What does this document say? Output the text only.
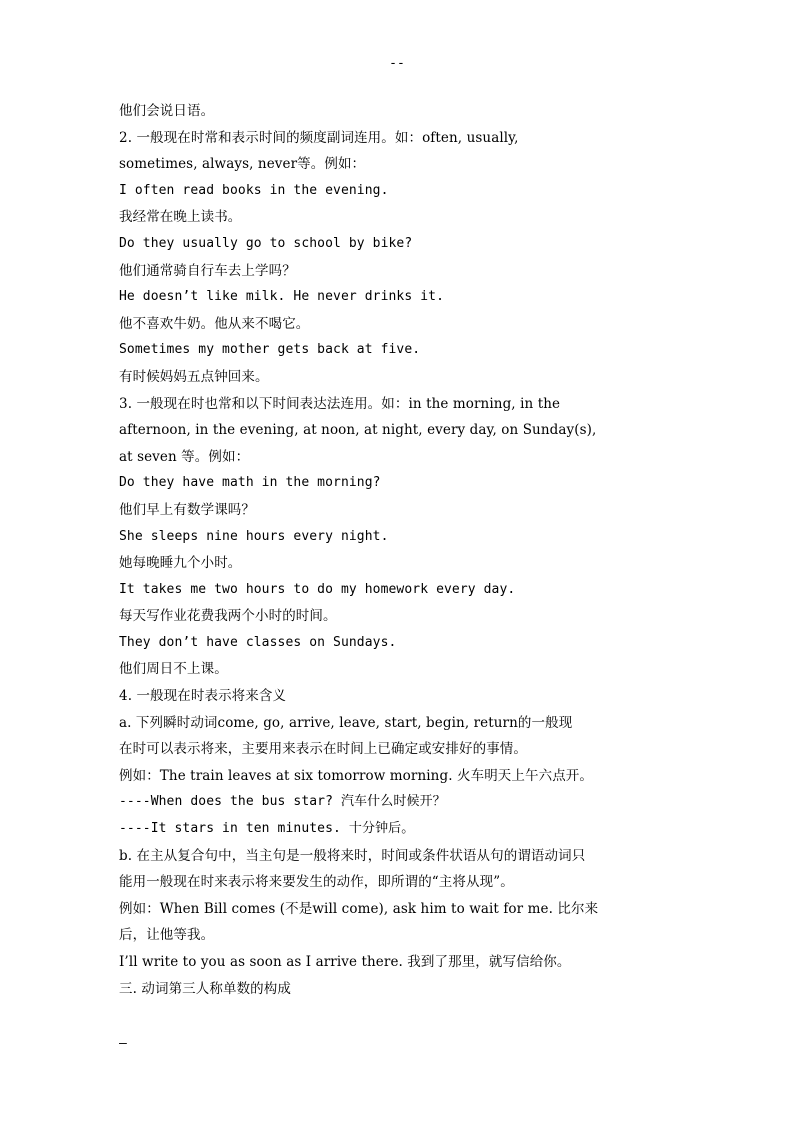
--
他们会说日语。
2. 一般现在时常和表示时间的频度副词连用。如：often, usually,
sometimes, always, never等。例如：
I often read books in the evening.
我经常在晚上读书。
Do they usually go to school by bike?
他们通常骑自行车去上学吗？
He doesn’t like milk. He never drinks it.
他不喜欢牛奶。他从来不喝它。
Sometimes my mother gets back at five.
有时候妈妈五点钟回来。
3. 一般现在时也常和以下时间表达法连用。如：in the morning, in the
afternoon, in the evening, at noon, at night, every day, on Sunday(s),
at seven 等。例如：
Do they have math in the morning?
他们早上有数学课吗？
She sleeps nine hours every night.
她每晚睡九个小时。
It takes me two hours to do my homework every day.
每天写作业花费我两个小时的时间。
They don’t have classes on Sundays.
他们周日不上课。
4. 一般现在时表示将来含义
a. 下列瞬时动词come, go, arrive, leave, start, begin, return的一般现
在时可以表示将来，主要用来表示在时间上已确定或安排好的事情。
例如：The train leaves at six tomorrow morning. 火车明天上午六点开。
----When does the bus star? 汽车什么时候开？
----It stars in ten minutes. 十分钟后。
b. 在主从复合句中，当主句是一般将来时，时间或条件状语从句的谓语动词只
能用一般现在时来表示将来要发生的动作，即所谓的“主将从现”。
例如：When Bill comes (不是will come), ask him to wait for me. 比尔来
后，让他等我。
I’ll write to you as soon as I arrive there. 我到了那里，就写信给你。
三. 动词第三人称单数的构成
—
